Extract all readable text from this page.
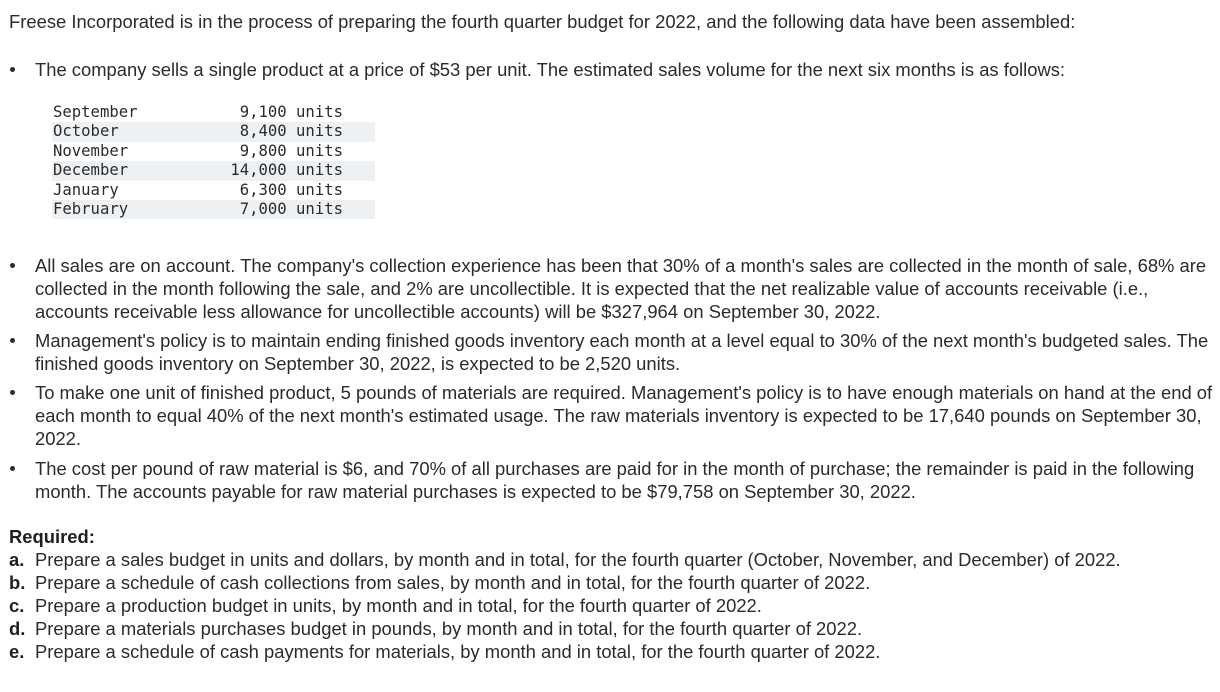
Freese Incorporated is in the process of preparing the fourth quarter budget for 2022, and the following data have been assembled:

The company sells a single product at a price of $53 per unit. The estimated sales volume for the next six months is as follows:
September	9,100 units
October	8,400 units
November	9,800 units
December	14,000 units
January	6,300 units
February	7,000 units
All sales are on account. The company's collection experience has been that 30% of a month's sales are collected in the month of sale, 68% are collected in the month following the sale, and 2% are uncollectible. It is expected that the net realizable value of accounts receivable (i.e., accounts receivable less allowance for uncollectible accounts) will be $327,964 on September 30, 2022.
Management's policy is to maintain ending finished goods inventory each month at a level equal to 30% of the next month's budgeted sales. The finished goods inventory on September 30, 2022, is expected to be 2,520 units.
To make one unit of finished product, 5 pounds of materials are required. Management's policy is to have enough materials on hand at the end of each month to equal 40% of the next month's estimated usage. The raw materials inventory is expected to be 17,640 pounds on September 30, 2022.
The cost per pound of raw material is $6, and 70% of all purchases are paid for in the month of purchase; the remainder is paid in the following month. The accounts payable for raw material purchases is expected to be $79,758 on September 30, 2022.
Required:
a. Prepare a sales budget in units and dollars, by month and in total, for the fourth quarter (October, November, and December) of 2022.
b. Prepare a schedule of cash collections from sales, by month and in total, for the fourth quarter of 2022.
c. Prepare a production budget in units, by month and in total, for the fourth quarter of 2022.
d. Prepare a materials purchases budget in pounds, by month and in total, for the fourth quarter of 2022.
e. Prepare a schedule of cash payments for materials, by month and in total, for the fourth quarter of 2022.
